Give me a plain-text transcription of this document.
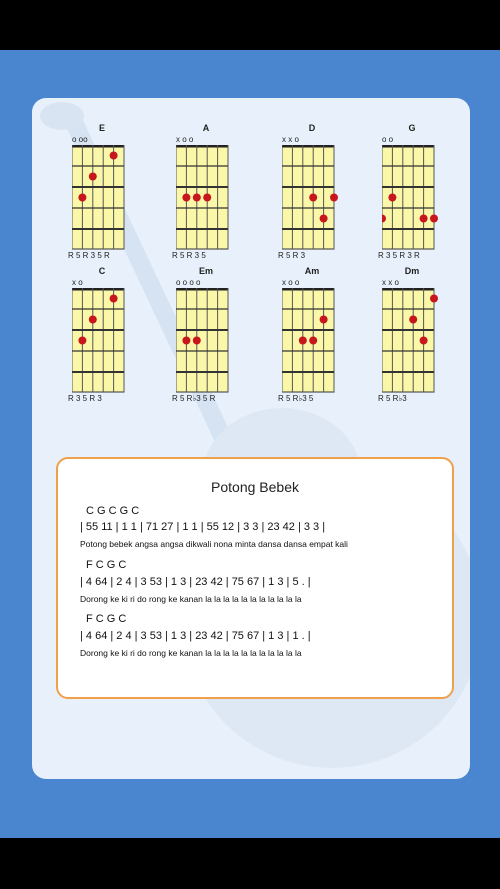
E
o oo
R 5 R 3 5 R
A
x o o
R 5 R 3 5
D
x x o
R 5 R 3
G
o o
R 3 5 R 3 R
C
x o
R 3 5 R 3
Em
o o o o
R 5 R♭3 5 R
Am
x o o
R 5 R♭3 5
Dm
x x o
R 5 R♭3
Potong Bebek
C G C G C
| 55 11 | 1 1 | 71 27 | 1 1 | 55 12 | 3 3 | 23 42 | 3 3 |
Potong bebek angsa angsa dikwali nona minta dansa dansa empat kali
F C G C
| 4 64 | 2 4 | 3 53 | 1 3 | 23 42 | 75 67 | 1 3 | 5 . |
Dorong ke ki ri do rong ke kanan la la la la la la la la la la la
F C G C
| 4 64 | 2 4 | 3 53 | 1 3 | 23 42 | 75 67 | 1 3 | 1 . |
Dorong ke ki ri do rong ke kanan la la la la la la la la la la la
